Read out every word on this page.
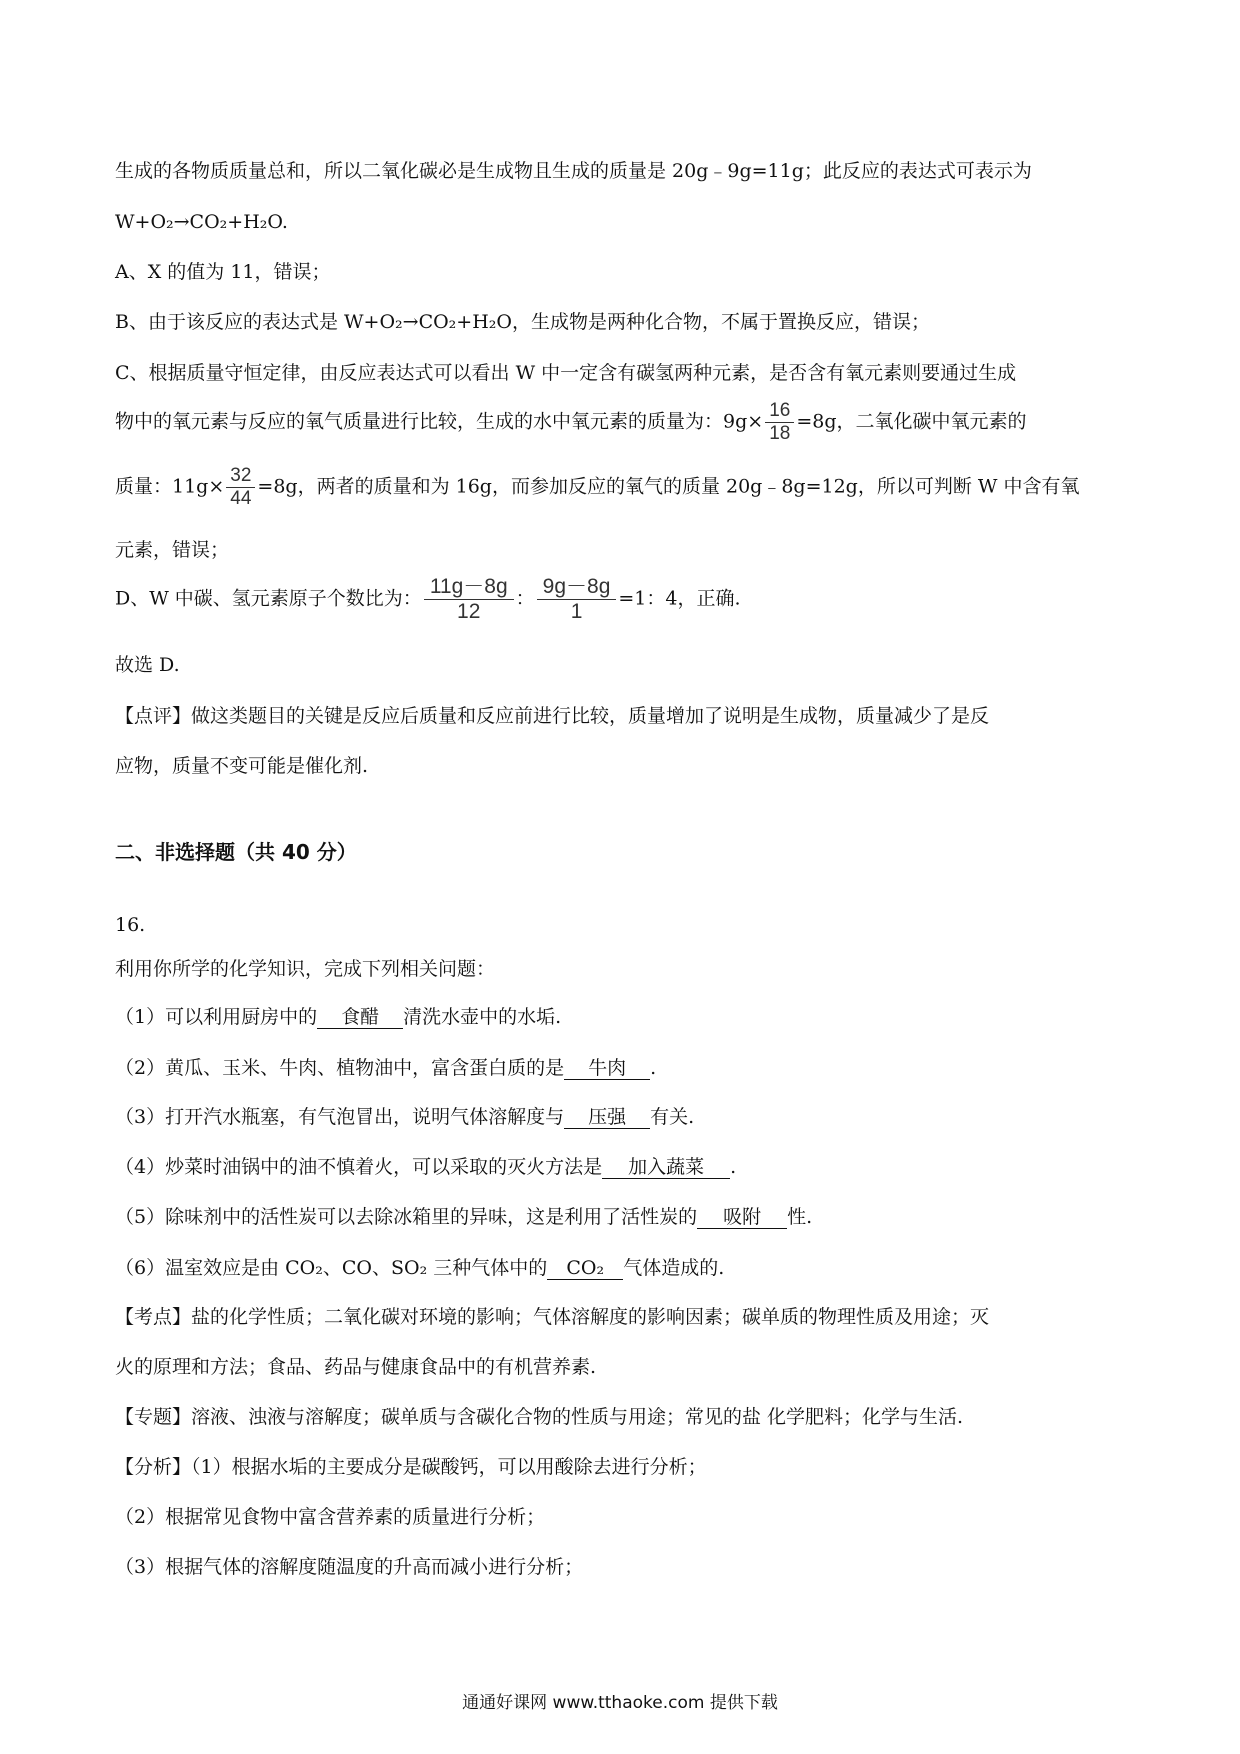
生成的各物质质量总和，所以二氧化碳必是生成物且生成的质量是 20g﹣9g=11g；此反应的表达式可表示为
W+O₂→CO₂+H₂O.
A、X 的值为 11，错误；
B、由于该反应的表达式是 W+O₂→CO₂+H₂O，生成物是两种化合物，不属于置换反应，错误；
C、根据质量守恒定律，由反应表达式可以看出 W 中一定含有碳氢两种元素，是否含有氧元素则要通过生成
物中的氧元素与反应的氧气质量进行比较，生成的水中氧元素的质量为：$9g\times \frac{16}{18} =8g$，二氧化碳中氧元素的
质量：$11g\times \frac{32}{44} =8g$，两者的质量和为 16g，而参加反应的氧气的质量 20g﹣8g=12g，所以可判断 W 中含有氧
元素，错误；
D、W 中碳、氢元素原子个数比为： $\frac{11g-8g}{12}$ ： $\frac{9g-8g}{1} =1$：4，正确.
故选 D.
【点评】做这类题目的关键是反应后质量和反应前进行比较，质量增加了说明是生成物，质量减少了是反
应物，质量不变可能是催化剂.
二、非选择题（共 40 分）
16.
利用你所学的化学知识，完成下列相关问题：
（1）可以利用厨房中的 食醋 清洗水壶中的水垢.
（2）黄瓜、玉米、牛肉、植物油中，富含蛋白质的是 牛肉 .
（3）打开汽水瓶塞，有气泡冒出，说明气体溶解度与 压强 有关.
（4）炒菜时油锅中的油不慎着火，可以采取的灭火方法是 加入蔬菜 .
（5）除味剂中的活性炭可以去除冰箱里的异味，这是利用了活性炭的 吸附 性.
（6）温室效应是由 CO₂、CO、SO₂ 三种气体中的 CO₂ 气体造成的.
【考点】盐的化学性质；二氧化碳对环境的影响；气体溶解度的影响因素；碳单质的物理性质及用途；灭
火的原理和方法；食品、药品与健康食品中的有机营养素.
【专题】溶液、浊液与溶解度；碳单质与含碳化合物的性质与用途；常见的盐 化学肥料；化学与生活.
【分析】（1）根据水垢的主要成分是碳酸钙，可以用酸除去进行分析；
（2）根据常见食物中富含营养素的质量进行分析；
（3）根据气体的溶解度随温度的升高而减小进行分析；
通通好课网 www.tthaoke.com 提供下载
